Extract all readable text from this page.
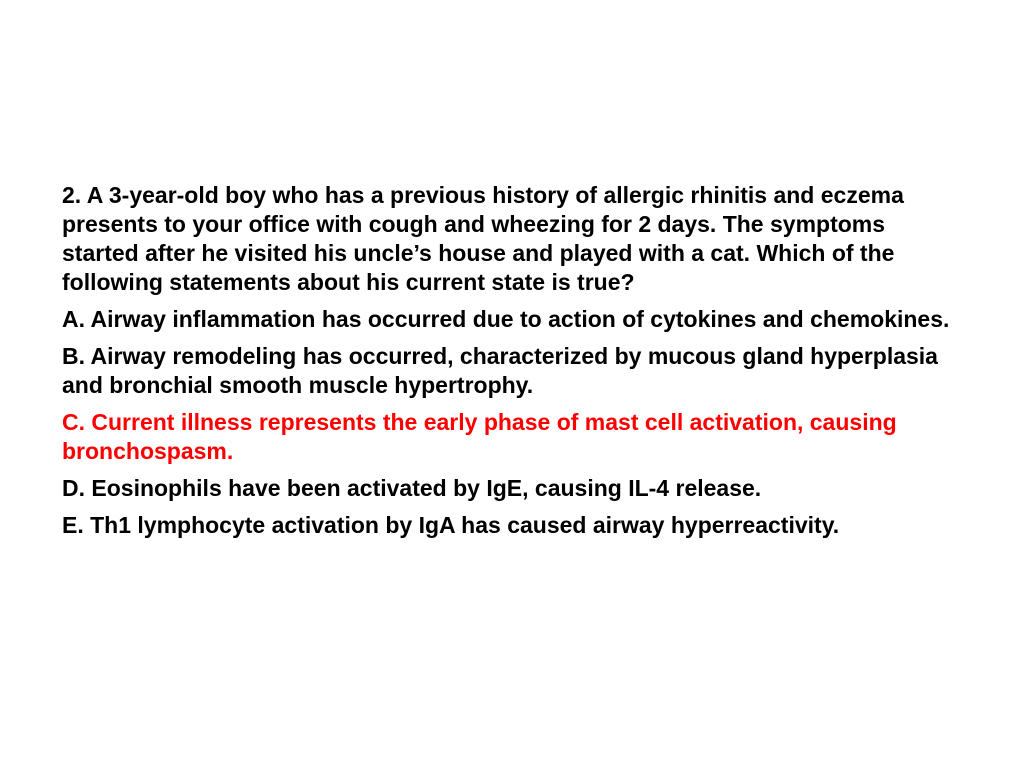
2. A 3-year-old boy who has a previous history of allergic rhinitis and eczema presents to your office with cough and wheezing for 2 days. The symptoms started after he visited his uncle’s house and played with a cat. Which of the following statements about his current state is true?

A. Airway inflammation has occurred due to action of cytokines and chemokines.

B. Airway remodeling has occurred, characterized by mucous gland hyperplasia and bronchial smooth muscle hypertrophy.

C. Current illness represents the early phase of mast cell activation, causing bronchospasm.

D. Eosinophils have been activated by IgE, causing IL-4 release.

E. Th1 lymphocyte activation by IgA has caused airway hyperreactivity.
